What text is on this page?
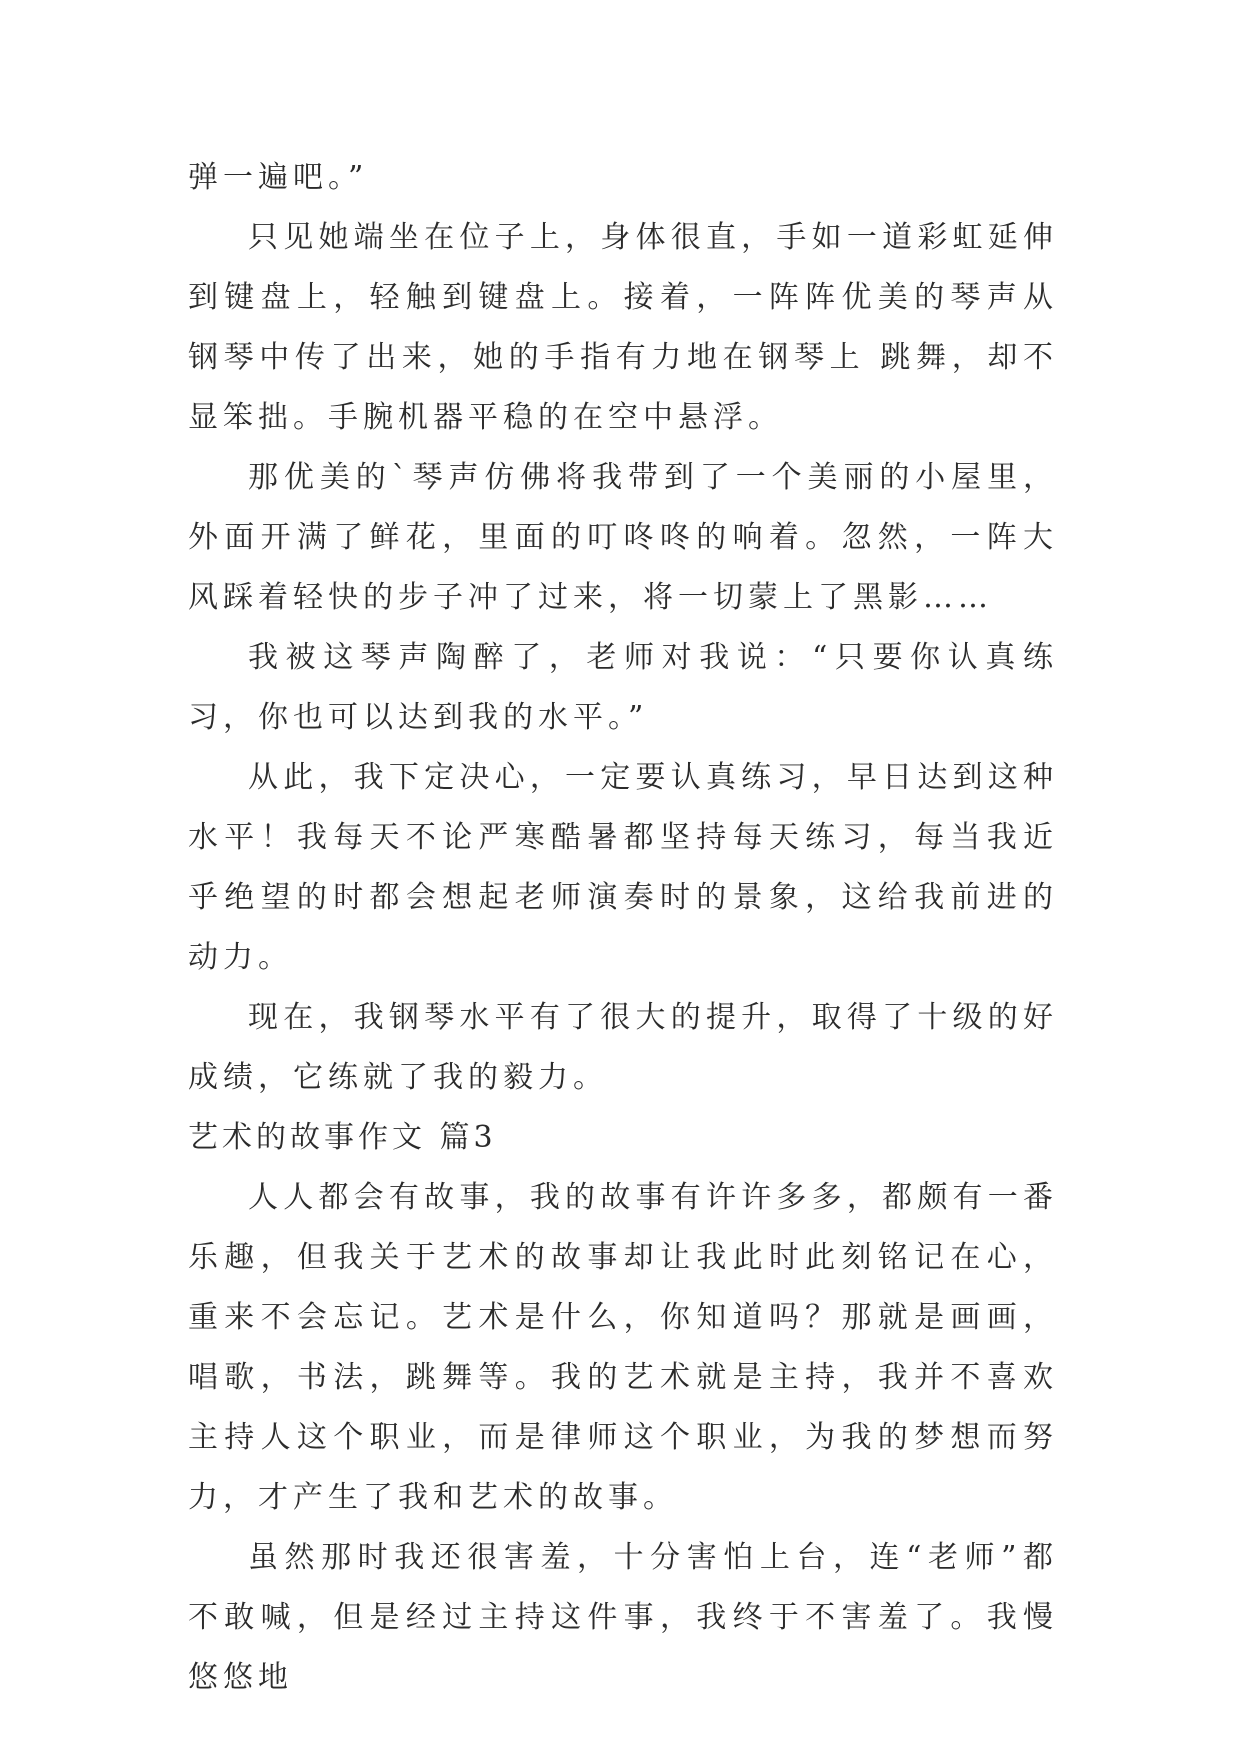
弹一遍吧。”

只见她端坐在位子上，身体很直，手如一道彩虹延伸到键盘上，轻触到键盘上。接着，一阵阵优美的琴声从钢琴中传了出来，她的手指有力地在钢琴上 跳舞，却不显笨拙。手腕机器平稳的在空中悬浮。

那优美的`琴声仿佛将我带到了一个美丽的小屋里，外面开满了鲜花，里面的叮咚咚的响着。忽然，一阵大风踩着轻快的步子冲了过来，将一切蒙上了黑影……

我被这琴声陶醉了，老师对我说：“只要你认真练习，你也可以达到我的水平。”

从此，我下定决心，一定要认真练习，早日达到这种水平！我每天不论严寒酷暑都坚持每天练习，每当我近乎绝望的时都会想起老师演奏时的景象，这给我前进的动力。

现在，我钢琴水平有了很大的提升，取得了十级的好成绩，它练就了我的毅力。

艺术的故事作文 篇3

人人都会有故事，我的故事有许许多多，都颇有一番乐趣，但我关于艺术的故事却让我此时此刻铭记在心，重来不会忘记。艺术是什么，你知道吗？那就是画画，唱歌，书法，跳舞等。我的艺术就是主持，我并不喜欢主持人这个职业，而是律师这个职业，为我的梦想而努力，才产生了我和艺术的故事。

虽然那时我还很害羞，十分害怕上台，连“老师”都不敢喊，但是经过主持这件事，我终于不害羞了。我慢悠悠地
